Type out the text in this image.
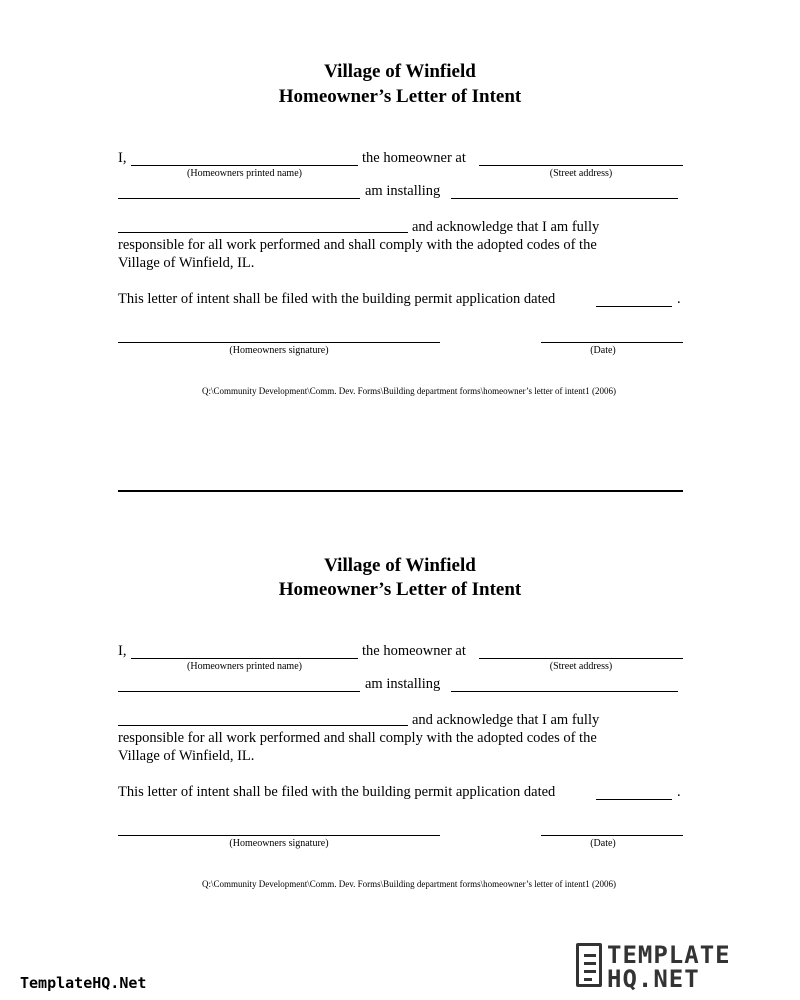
Village of Winfield
Homeowner’s Letter of Intent
I,	the homeowner at
(Homeowners printed name)	(Street address)
am installing
and acknowledge that I am fully
responsible for all work performed and shall comply with the adopted codes of the
Village of Winfield, IL.
This letter of intent shall be filed with the building permit application dated	.
(Homeowners signature)	(Date)
Q:\Community Development\Comm. Dev. Forms\Building department forms\homeowner’s letter of intent1 (2006)
Village of Winfield
Homeowner’s Letter of Intent
I,	the homeowner at
(Homeowners printed name)	(Street address)
am installing
and acknowledge that I am fully
responsible for all work performed and shall comply with the adopted codes of the
Village of Winfield, IL.
This letter of intent shall be filed with the building permit application dated	.
(Homeowners signature)	(Date)
Q:\Community Development\Comm. Dev. Forms\Building department forms\homeowner’s letter of intent1 (2006)
TemplateHQ.Net
TEMPLATE
HQ.NET
